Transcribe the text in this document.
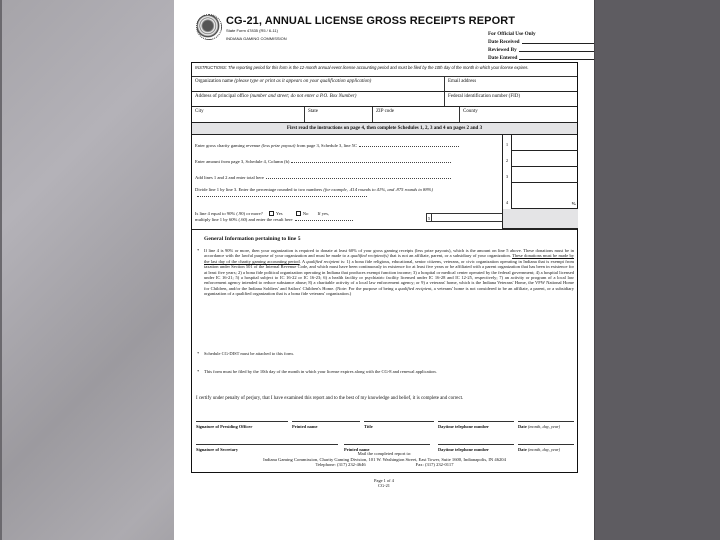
CG-21, ANNUAL LICENSE GROSS RECEIPTS REPORT
State Form 47835 (R5 / 6-11)
INDIANA GAMING COMMISSION
For Official Use Only
Date Received
Reviewed By
Date Entered
INSTRUCTIONS: The reporting period for this form is the 12-month annual event license accounting period and must be filed by the 10th day of the month in which your license expires.
Organization name (please type or print as it appears on your qualification application)	Email address
Address of principal office (number and street; do not enter a P.O. Box Number)	Federal identification number (FID)
City	State	ZIP code	County
First read the instructions on page 4, then complete Schedules 1, 2, 3 and 4 on pages 2 and 3
Enter gross charity gaming revenue (less prize payout) from page 3, Schedule 3, line 5C	1
Enter amount from page 3, Schedule 4, Column (b)	2
Add lines 1 and 2 and enter total here	3
Divide line 1 by line 3. Enter the percentage rounded to two numbers (for example, .414 rounds to 41%, and .875 rounds to 88%)
4	%
Is line 4 equal to 90% (.90) or more?	Yes	No If yes,
multiply line 1 by 60% (.60) and enter the result here	5
General Information pertaining to line 5
* If line 4 is 90% or more, then your organization is required to donate at least 60% of your gross gaming receipts (less prize payouts), which is the amount on line 5 above. These donations must be in accordance with the lawful purpose of your organization and must be made to a qualified recipient(s) that is not an affiliate, parent, or a subsidiary of your organization. These donations must be made by the last day of the charity gaming accounting period. A qualified recipient is: 1) a bona fide religious, educational, senior citizens, veterans, or civic organization operating in Indiana that is exempt from taxation under Section 501 of the Internal Revenue Code, and which must have been continuously in existence for at least five years or be affiliated with a parent organization that has been in existence for at least five years; 2) a bona fide political organization operating in Indiana that produces exempt function income; 3) a hospital or medical center operated by the federal government; 4) a hospital licensed under IC 16-21; 5) a hospital subject to IC 16-22 or IC 16-23; 6) a health facility or psychiatric facility licensed under IC 16-28 and IC 12-25, respectively; 7) an activity or program of a local law enforcement agency intended to reduce substance abuse; 8) a charitable activity of a local law enforcement agency; or 9) a veterans' home, which is the Indiana Veterans' Home, the VFW National Home for Children, and/or the Indiana Soldiers' and Sailors' Children's Home. (Note: For the purpose of being a qualified recipient, a veterans' home is not considered to be an affiliate, a parent, or a subsidiary organization of a qualified organization that is a bona fide veterans' organization.)
* Schedule CG-DIST must be attached to this form.
* This form must be filed by the 10th day of the month in which your license expires along with the CG-8 and renewal application.
I certify under penalty of perjury, that I have examined this report and to the best of my knowledge and belief, it is complete and correct.
Signature of Presiding Officer	Printed name	Title	Daytime telephone number	Date (month, day, year)
Signature of Secretary	Printed name	Daytime telephone number	Date (month, day, year)
Mail the completed report to:
Indiana Gaming Commission, Charity Gaming Division, 101 W. Washington Street, East Tower, Suite 1600, Indianapolis, IN 46204
Telephone: (317) 232-4646	Fax: (317) 232-0117
Page 1 of 4
CG-21
